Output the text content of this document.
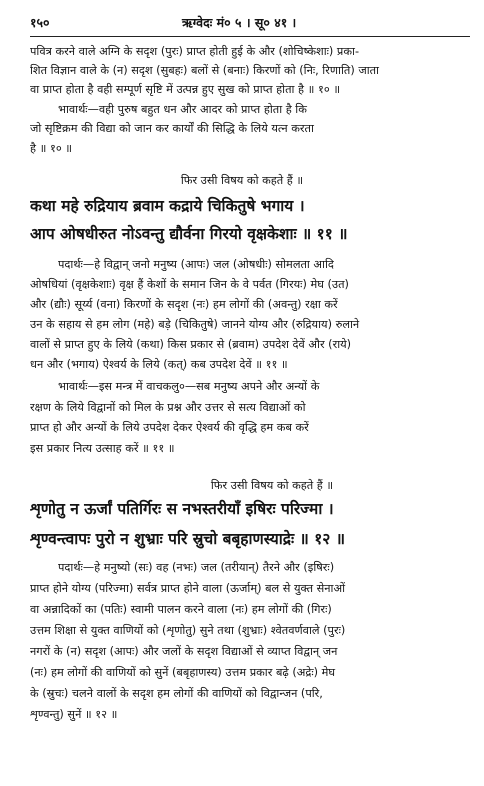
१५०	ऋग्वेदः मं० ५ । सू० ४१ ।
पवित्र करने वाले अग्नि के सदृश (पुरः) प्राप्त होती हुई के और (शोचिष्केशाः) प्रका-
शित विज्ञान वाले के (न) सदृश (सुबहः) बलों से (बनाः) किरणों को (निः, रिणाति) जाता
वा प्राप्त होता है वही सम्पूर्ण सृष्टि में उत्पन्न हुए सुख को प्राप्त होता है ॥ १० ॥
भावार्थः—वही पुरुष बहुत धन और आदर को प्राप्त होता है कि
जो सृष्टिक्रम की विद्या को जान कर कार्यों की सिद्धि के लिये यत्न करता
है ॥ १० ॥
फिर उसी विषय को कहते हैं ॥
कथा महे रुद्रियाय ब्रवाम कद्राये चिकितुषे भगाय ।
आप ओषधीरुत नोऽवन्तु द्यौर्वना गिरयो वृक्षकेशाः ॥ ११ ॥
पदार्थः—हे विद्वान् जनो मनुष्य (आपः) जल (ओषधीः) सोमलता आदि
ओषधियां (वृक्षकेशाः) वृक्ष हैं केशों के समान जिन के वे पर्वत (गिरयः) मेघ (उत)
और (द्यौः) सूर्य्य (वना) किरणों के सदृश (नः) हम लोगों की (अवन्तु) रक्षा करें
उन के सहाय से हम लोग (महे) बड़े (चिकितुषे) जानने योग्य और (रुद्रियाय) रुलाने
वालों से प्राप्त हुए के लिये (कथा) किस प्रकार से (ब्रवाम) उपदेश देवें और (राये)
धन और (भगाय) ऐश्वर्य के लिये (कत्) कब उपदेश देवें ॥ ११ ॥
भावार्थः—इस मन्त्र में वाचकलु०—सब मनुष्य अपने और अन्यों के
रक्षण के लिये विद्वानों को मिल के प्रश्न और उत्तर से सत्य विद्याओं को
प्राप्त हो और अन्यों के लिये उपदेश देकर ऐश्वर्य की वृद्धि हम कब करें
इस प्रकार नित्य उत्साह करें ॥ ११ ॥
फिर उसी विषय को कहते हैं ॥
शृणोतु न ऊर्जां पतिर्गिरः स नभस्तरीयाँ इषिरः परिज्मा ।
शृण्वन्त्वापः पुरो न शुभ्राः परि स्रुचो बबृहाणस्याद्रेः ॥ १२ ॥
पदार्थः—हे मनुष्यो (सः) वह (नभः) जल (तरीयान्) तैरने और (इषिरः)
प्राप्त होने योग्य (परिज्मा) सर्वत्र प्राप्त होने वाला (ऊर्जाम्) बल से युक्त सेनाओं
वा अन्नादिकों का (पतिः) स्वामी पालन करने वाला (नः) हम लोगों की (गिरः)
उत्तम शिक्षा से युक्त वाणियों को (शृणोतु) सुने तथा (शुभ्राः) श्वेतवर्णवाले (पुरः)
नगरों के (न) सदृश (आपः) और जलों के सदृश विद्याओं से व्याप्त विद्वान् जन
(नः) हम लोगों की वाणियों को सुनें (बबृहाणस्य) उत्तम प्रकार बढ़े (अद्रेः) मेघ
के (स्रुचः) चलने वालों के सदृश हम लोगों की वाणियों को विद्वान्जन (परि,
शृण्वन्तु) सुनें ॥ १२ ॥
